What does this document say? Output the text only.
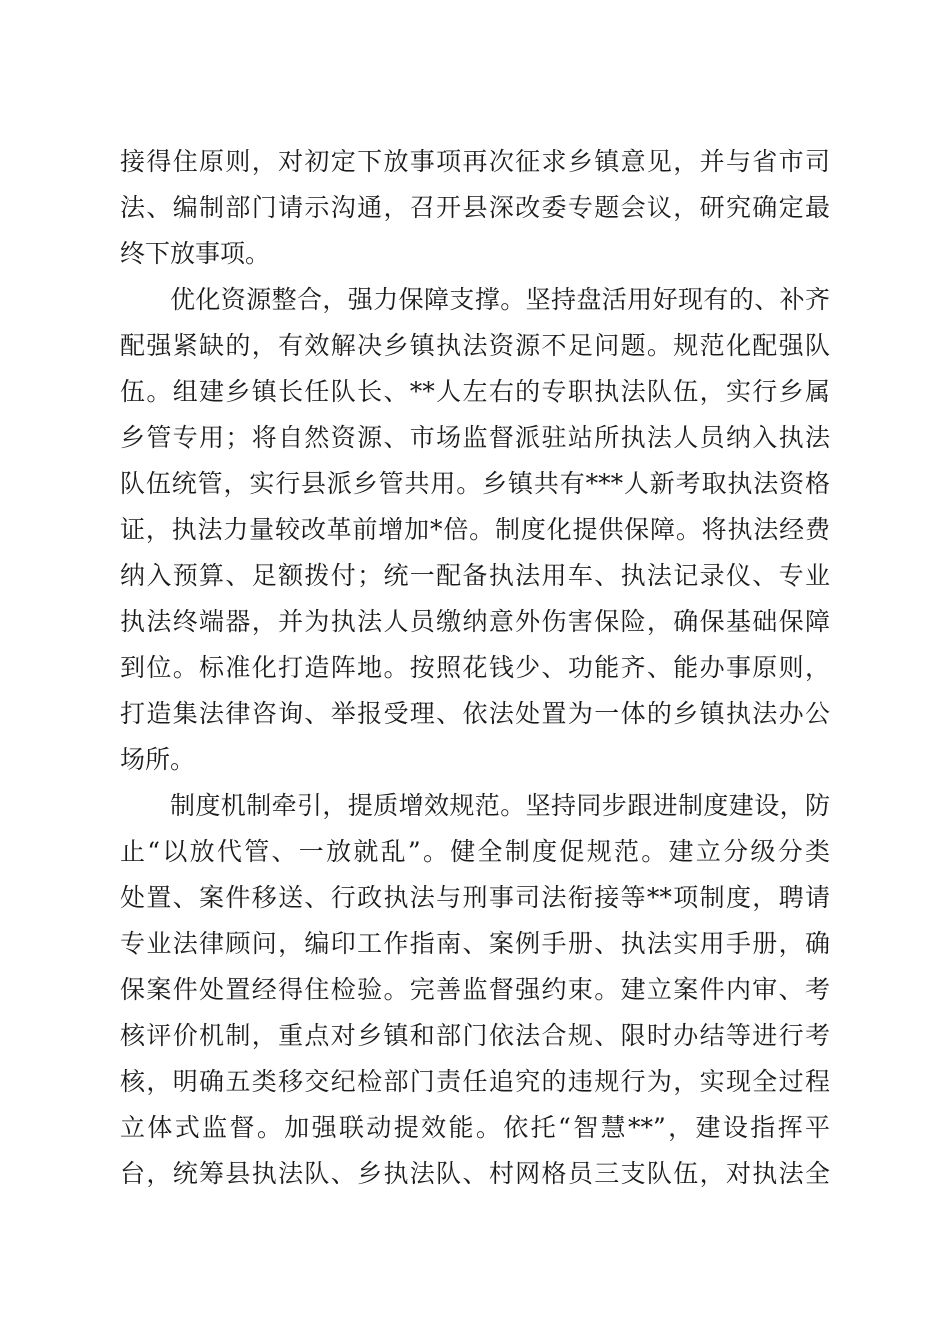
接得住原则，对初定下放事项再次征求乡镇意见，并与省市司
法、编制部门请示沟通，召开县深改委专题会议，研究确定最
终下放事项。
优化资源整合，强力保障支撑。坚持盘活用好现有的、补齐
配强紧缺的，有效解决乡镇执法资源不足问题。规范化配强队
伍。组建乡镇长任队长、**人左右的专职执法队伍，实行乡属
乡管专用；将自然资源、市场监督派驻站所执法人员纳入执法
队伍统管，实行县派乡管共用。乡镇共有***人新考取执法资格
证，执法力量较改革前增加*倍。制度化提供保障。将执法经费
纳入预算、足额拨付；统一配备执法用车、执法记录仪、专业
执法终端器，并为执法人员缴纳意外伤害保险，确保基础保障
到位。标准化打造阵地。按照花钱少、功能齐、能办事原则，
打造集法律咨询、举报受理、依法处置为一体的乡镇执法办公
场所。
制度机制牵引，提质增效规范。坚持同步跟进制度建设，防
止“以放代管、一放就乱”。健全制度促规范。建立分级分类
处置、案件移送、行政执法与刑事司法衔接等**项制度，聘请
专业法律顾问，编印工作指南、案例手册、执法实用手册，确
保案件处置经得住检验。完善监督强约束。建立案件内审、考
核评价机制，重点对乡镇和部门依法合规、限时办结等进行考
核，明确五类移交纪检部门责任追究的违规行为，实现全过程
立体式监督。加强联动提效能。依托“智慧**”，建设指挥平
台，统筹县执法队、乡执法队、村网格员三支队伍，对执法全
